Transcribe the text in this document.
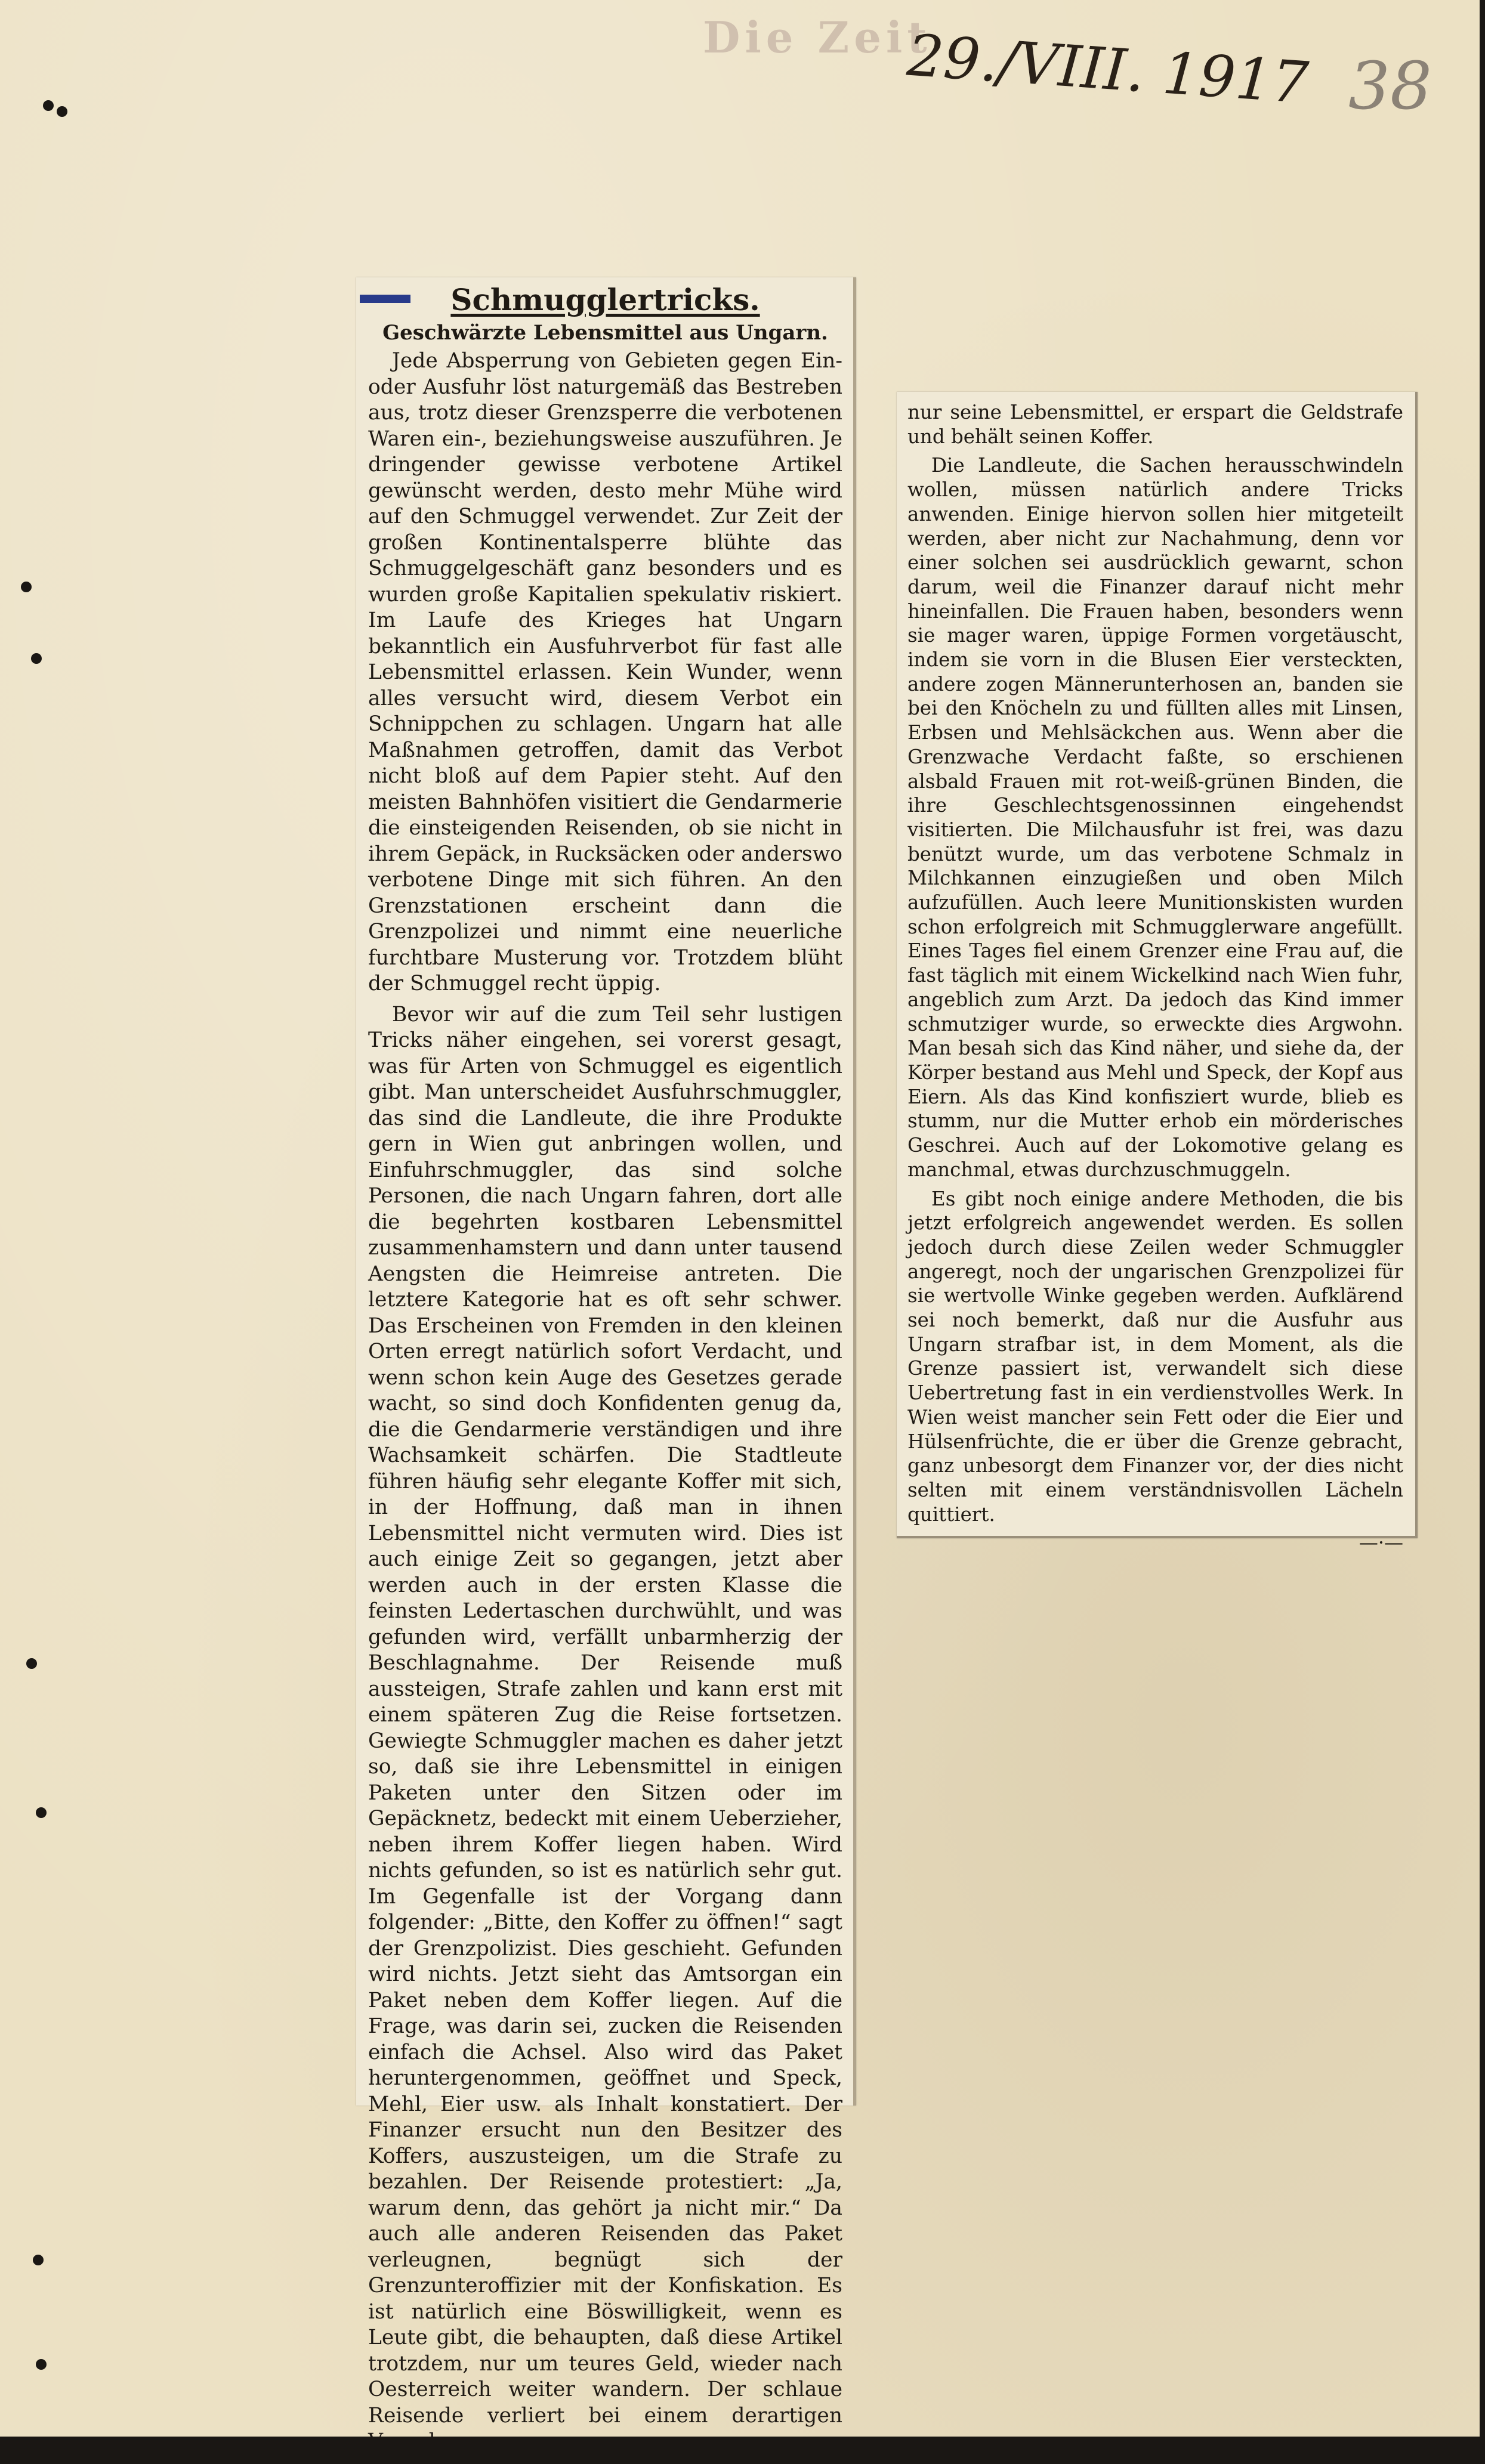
Die Zeit
29./VIII. 1917 38

Schmugglertricks.

Geschwärzte Lebensmittel aus Ungarn.

Jede Absperrung von Gebieten gegen Ein- oder Ausfuhr löst naturgemäß das Bestreben aus, trotz dieser Grenzsperre die verbotenen Waren ein-, beziehungsweise auszuführen. Je dringender gewisse verbotene Artikel gewünscht werden, desto mehr Mühe wird auf den Schmuggel verwendet. Zur Zeit der großen Kontinentalsperre blühte das Schmuggelgeschäft ganz besonders und es wurden große Kapitalien spekulativ riskiert. Im Laufe des Krieges hat Ungarn bekanntlich ein Ausfuhrverbot für fast alle Lebensmittel erlassen. Kein Wunder, wenn alles versucht wird, diesem Verbot ein Schnippchen zu schlagen. Ungarn hat alle Maßnahmen getroffen, damit das Verbot nicht bloß auf dem Papier steht. Auf den meisten Bahnhöfen visitiert die Gendarmerie die einsteigenden Reisenden, ob sie nicht in ihrem Gepäck, in Rucksäcken oder anderswo verbotene Dinge mit sich führen. An den Grenzstationen erscheint dann die Grenzpolizei und nimmt eine neuerliche furchtbare Musterung vor. Trotzdem blüht der Schmuggel recht üppig.

Bevor wir auf die zum Teil sehr lustigen Tricks näher eingehen, sei vorerst gesagt, was für Arten von Schmuggel es eigentlich gibt. Man unterscheidet Ausfuhrschmuggler, das sind die Landleute, die ihre Produkte gern in Wien gut anbringen wollen, und Einfuhrschmuggler, das sind solche Personen, die nach Ungarn fahren, dort alle die begehrten kostbaren Lebensmittel zusammenhamstern und dann unter tausend Aengsten die Heimreise antreten. Die letztere Kategorie hat es oft sehr schwer. Das Erscheinen von Fremden in den kleinen Orten erregt natürlich sofort Verdacht, und wenn schon kein Auge des Gesetzes gerade wacht, so sind doch Konfidenten genug da, die die Gendarmerie verständigen und ihre Wachsamkeit schärfen. Die Stadtleute führen häufig sehr elegante Koffer mit sich, in der Hoffnung, daß man in ihnen Lebensmittel nicht vermuten wird. Dies ist auch einige Zeit so gegangen, jetzt aber werden auch in der ersten Klasse die feinsten Ledertaschen durchwühlt, und was gefunden wird, verfällt unbarmherzig der Beschlagnahme. Der Reisende muß aussteigen, Strafe zahlen und kann erst mit einem späteren Zug die Reise fortsetzen. Gewiegte Schmuggler machen es daher jetzt so, daß sie ihre Lebensmittel in einigen Paketen unter den Sitzen oder im Gepäcknetz, bedeckt mit einem Ueberzieher, neben ihrem Koffer liegen haben. Wird nichts gefunden, so ist es natürlich sehr gut. Im Gegenfalle ist der Vorgang dann folgender: „Bitte, den Koffer zu öffnen!“ sagt der Grenzpolizist. Dies geschieht. Gefunden wird nichts. Jetzt sieht das Amtsorgan ein Paket neben dem Koffer liegen. Auf die Frage, was darin sei, zucken die Reisenden einfach die Achsel. Also wird das Paket heruntergenommen, geöffnet und Speck, Mehl, Eier usw. als Inhalt konstatiert. Der Finanzer ersucht nun den Besitzer des Koffers, auszusteigen, um die Strafe zu bezahlen. Der Reisende protestiert: „Ja, warum denn, das gehört ja nicht mir.“ Da auch alle anderen Reisenden das Paket verleugnen, begnügt sich der Grenzunteroffizier mit der Konfiskation. Es ist natürlich eine Böswilligkeit, wenn es Leute gibt, die behaupten, daß diese Artikel trotzdem, nur um teures Geld, wieder nach Oesterreich weiter wandern. Der schlaue Reisende verliert bei einem derartigen

nur seine Lebensmittel, er erspart die Geldstrafe und behält seinen Koffer.

Die Landleute, die Sachen herausschwindeln wollen, müssen natürlich andere Tricks anwenden. Einige hiervon sollen hier mitgeteilt werden, aber nicht zur Nachahmung, denn vor einer solchen sei ausdrücklich gewarnt, schon darum, weil die Finanzer darauf nicht mehr hineinfallen. Die Frauen haben, besonders wenn sie mager waren, üppige Formen vorgetäuscht, indem sie vorn in die Blusen Eier versteckten, andere zogen Männerunterhosen an, banden sie bei den Knöcheln zu und füllten alles mit Linsen, Erbsen und Mehlsäckchen aus. Wenn aber die Grenzwache Verdacht faßte, so erschienen alsbald Frauen mit rot-weiß-grünen Binden, die ihre Geschlechtsgenossinnen eingehendst visitierten. Die Milchausfuhr ist frei, was dazu benützt wurde, um das verbotene Schmalz in Milchkannen einzugießen und oben Milch aufzufüllen. Auch leere Munitionskisten wurden schon erfolgreich mit Schmugglerware angefüllt. Eines Tages fiel einem Grenzer eine Frau auf, die fast täglich mit einem Wickelkind nach Wien fuhr, angeblich zum Arzt. Da jedoch das Kind immer schmutziger wurde, so erweckte dies Argwohn. Man besah sich das Kind näher, und siehe da, der Körper bestand aus Mehl und Speck, der Kopf aus Eiern. Als das Kind konfisziert wurde, blieb es stumm, nur die Mutter erhob ein mörderisches Geschrei. Auch auf der Lokomotive gelang es manchmal, etwas durchzuschmuggeln.

Es gibt noch einige andere Methoden, die bis jetzt erfolgreich angewendet werden. Es sollen jedoch durch diese Zeilen weder Schmuggler angeregt, noch der ungarischen Grenzpolizei für sie wertvolle Winke gegeben werden. Aufklärend sei noch bemerkt, daß nur die Ausfuhr aus Ungarn strafbar ist, in dem Moment, als die Grenze passiert ist, verwandelt sich diese Uebertretung fast in ein verdienstvolles Werk. In Wien weist mancher sein Fett oder die Eier und Hülsenfrüchte, die er über die Grenze gebracht, ganz unbesorgt dem Finanzer vor, der dies nicht selten mit einem verständnisvollen Lächeln quittiert.

—·—
